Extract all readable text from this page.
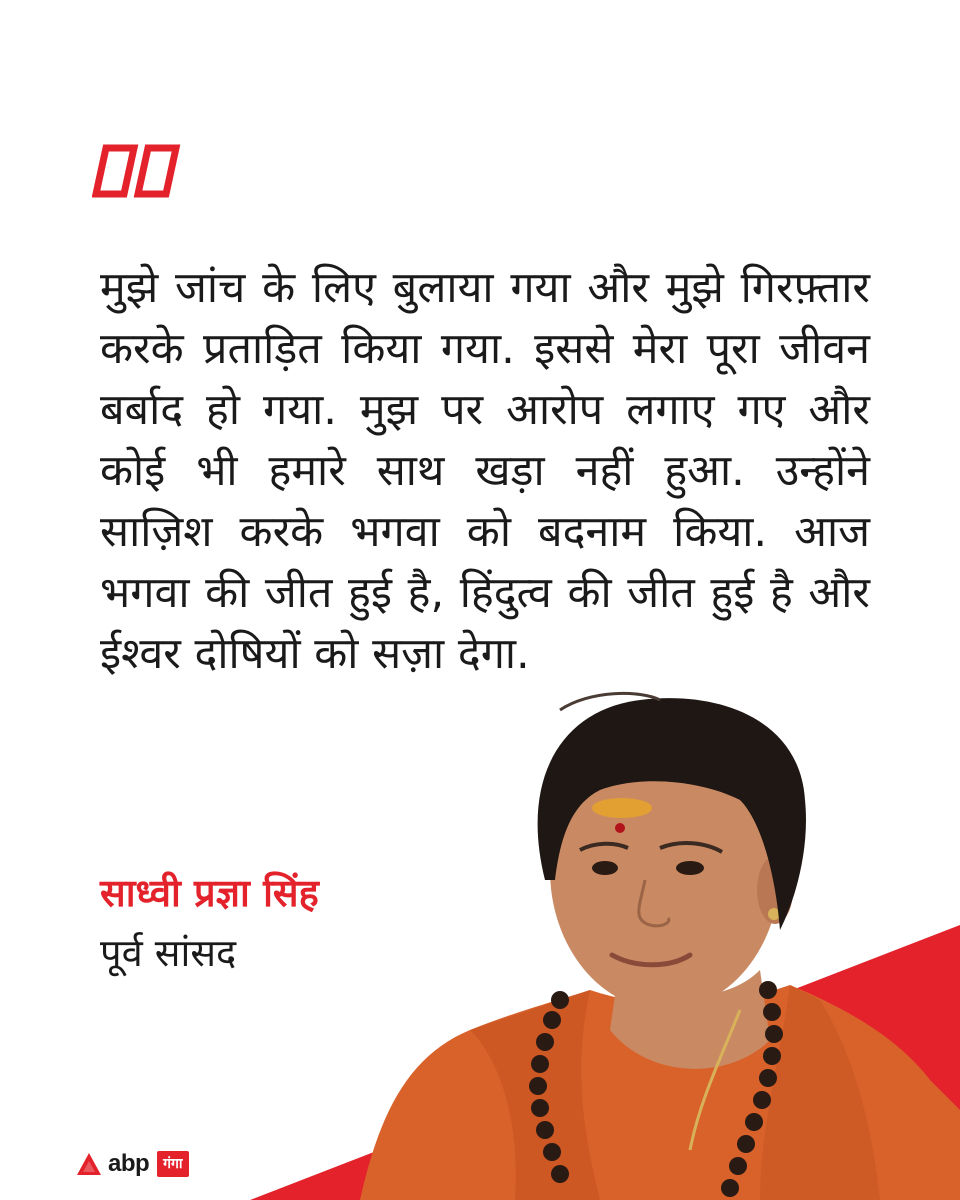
मुझे जांच के लिए बुलाया गया और मुझे गिरफ़्तार करके प्रताड़ित किया गया. इससे मेरा पूरा जीवन बर्बाद हो गया. मुझ पर आरोप लगाए गए और कोई भी हमारे साथ खड़ा नहीं हुआ. उन्होंने साज़िश करके भगवा को बदनाम किया. आज भगवा की जीत हुई है, हिंदुत्व की जीत हुई है और ईश्वर दोषियों को सज़ा देगा.

साध्वी प्रज्ञा सिंह
पूर्व सांसद
abp	गंगा
